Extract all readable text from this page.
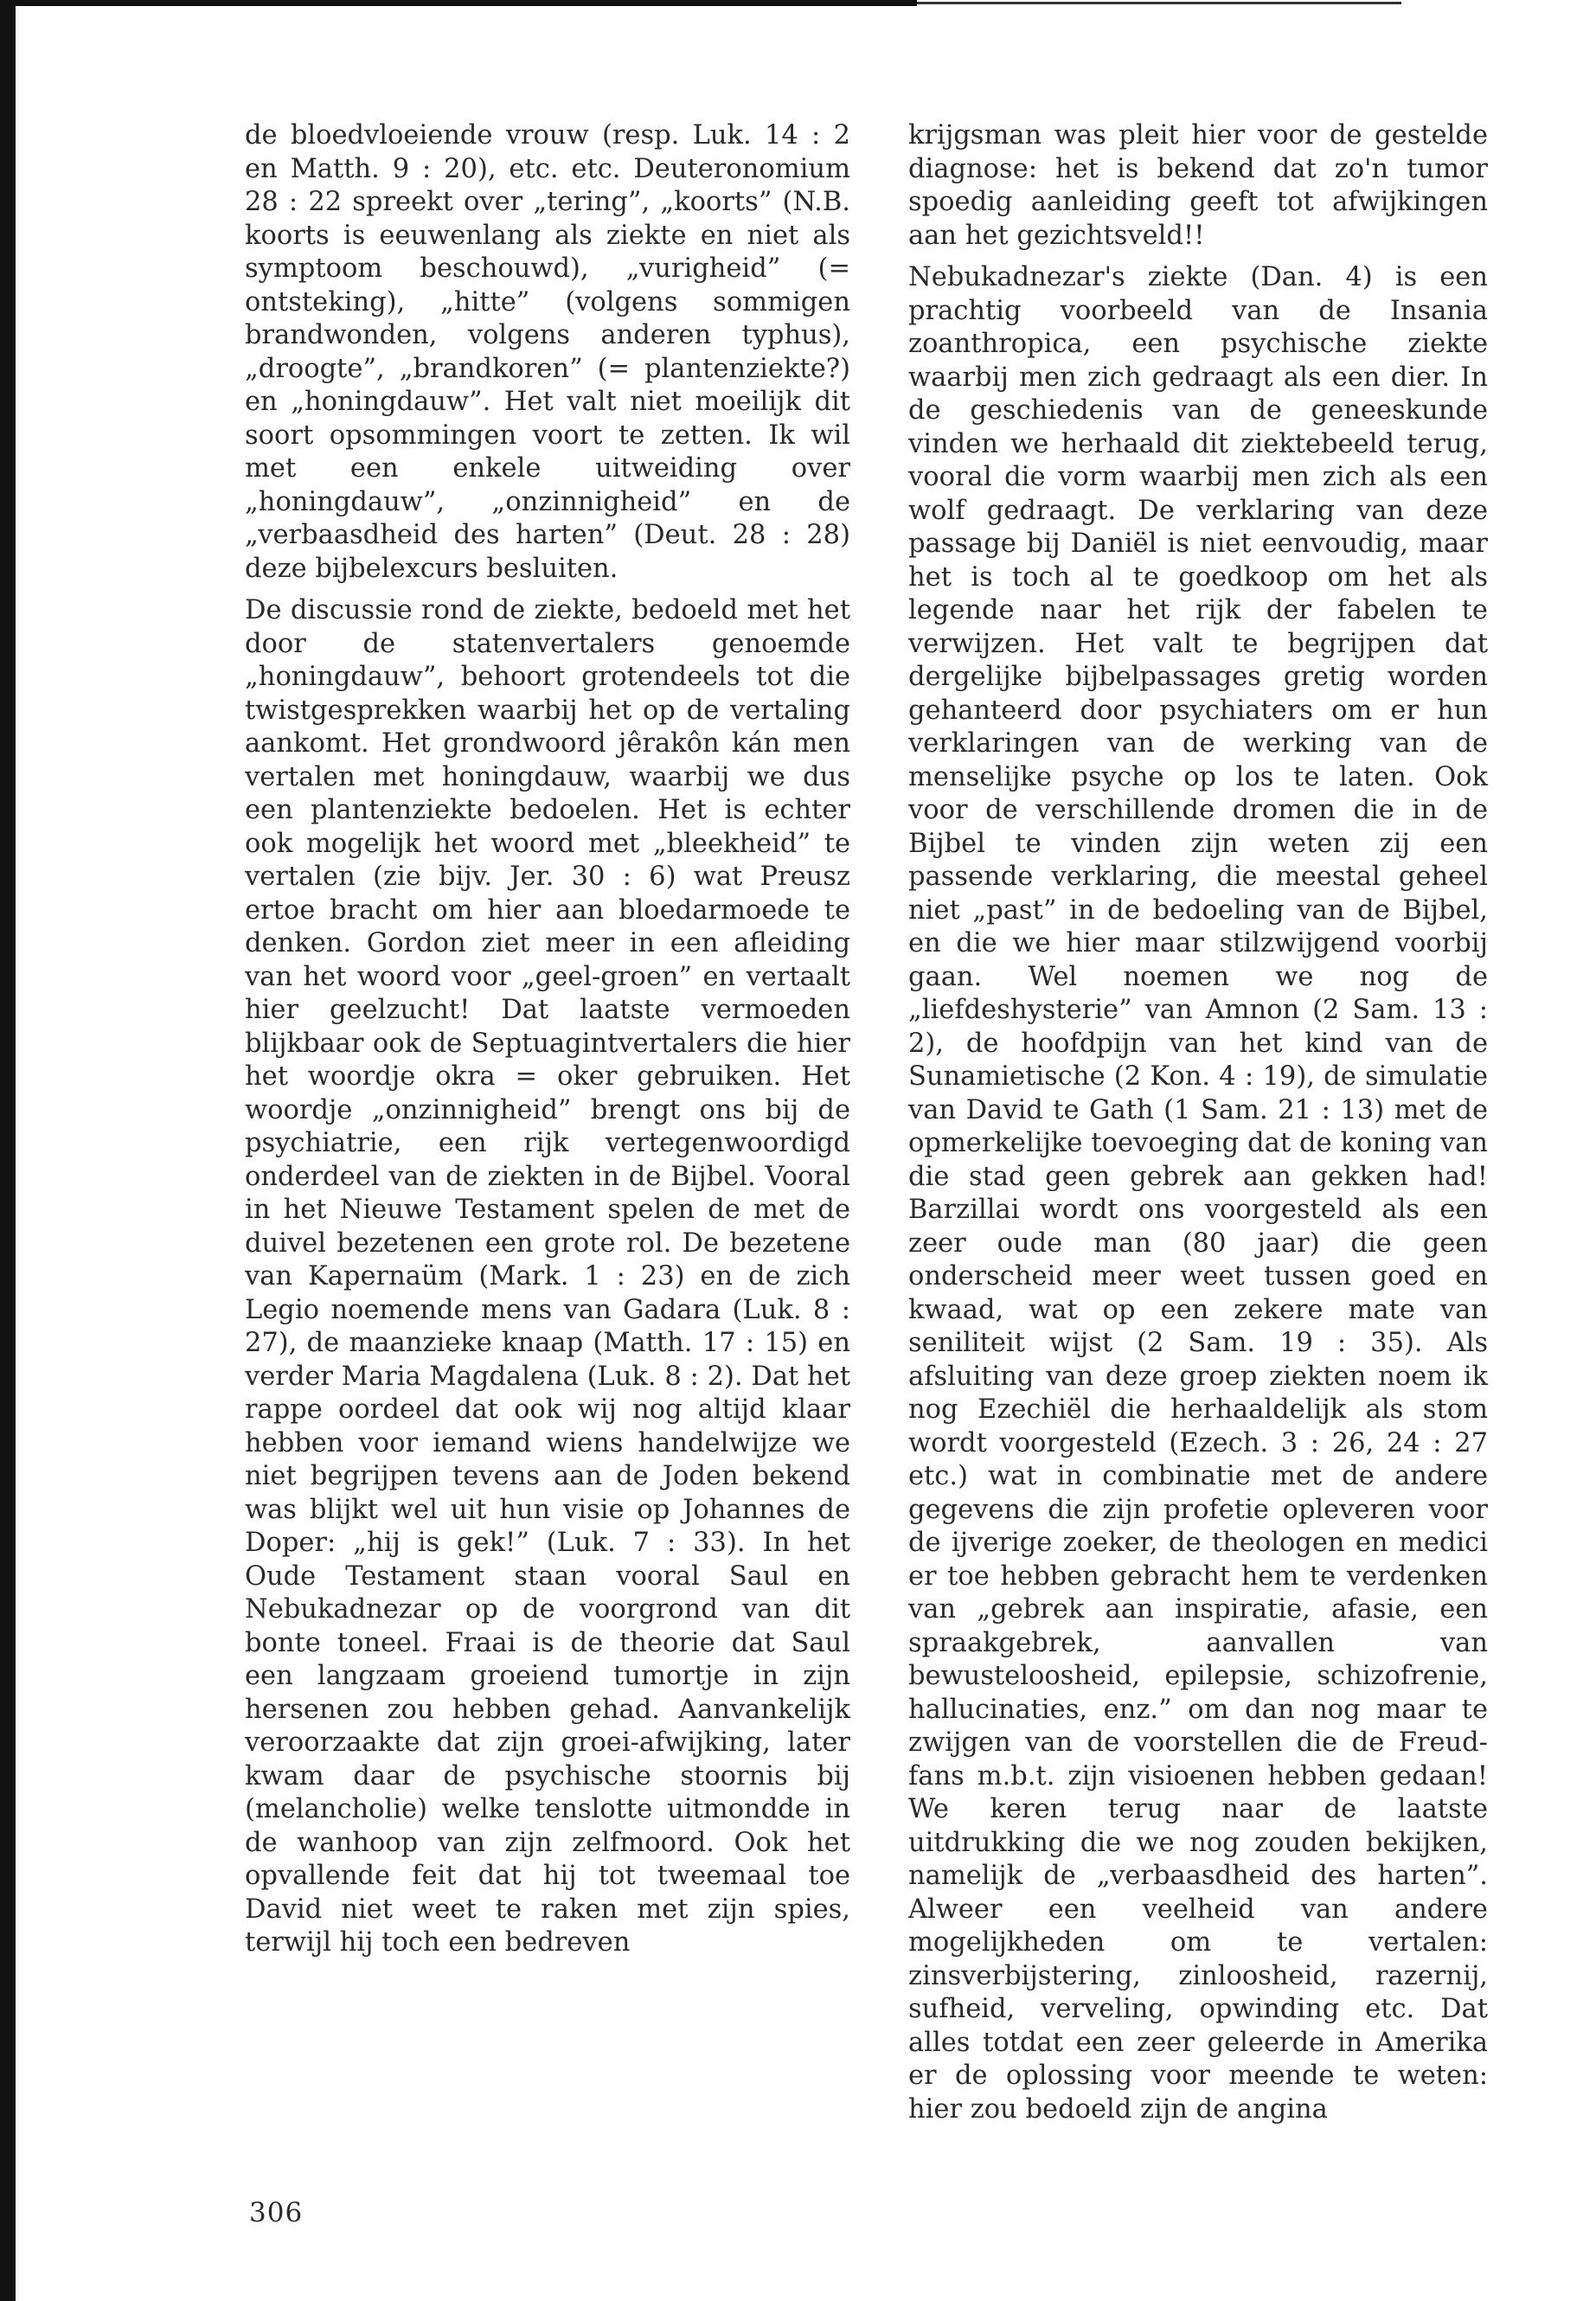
de bloedvloeiende vrouw (resp. Luk. 14 : 2 en Matth. 9 : 20), etc. etc. Deuteronomium 28 : 22 spreekt over „tering”, „koorts” (N.B. koorts is eeuwenlang als ziekte en niet als symptoom beschouwd), „vurigheid” (= ontsteking), „hitte” (volgens sommigen brandwonden, volgens anderen typhus), „droogte”, „brandkoren” (= plantenziekte?) en „honingdauw”. Het valt niet moeilijk dit soort opsommingen voort te zetten. Ik wil met een enkele uitweiding over „honingdauw”, „onzinnigheid” en de „verbaasdheid des harten” (Deut. 28 : 28) deze bijbelexcurs besluiten.

De discussie rond de ziekte, bedoeld met het door de statenvertalers genoemde „honingdauw”, behoort grotendeels tot die twistgesprekken waarbij het op de vertaling aankomt. Het grondwoord jêrakôn kán men vertalen met honingdauw, waarbij we dus een plantenziekte bedoelen. Het is echter ook mogelijk het woord met „bleekheid” te vertalen (zie bijv. Jer. 30 : 6) wat Preusz ertoe bracht om hier aan bloedarmoede te denken. Gordon ziet meer in een afleiding van het woord voor „geel-groen” en vertaalt hier geelzucht! Dat laatste vermoeden blijkbaar ook de Septuagintvertalers die hier het woordje okra = oker gebruiken. Het woordje „onzinnigheid” brengt ons bij de psychiatrie, een rijk vertegenwoordigd onderdeel van de ziekten in de Bijbel. Vooral in het Nieuwe Testament spelen de met de duivel bezetenen een grote rol. De bezetene van Kapernaüm (Mark. 1 : 23) en de zich Legio noemende mens van Gadara (Luk. 8 : 27), de maanzieke knaap (Matth. 17 : 15) en verder Maria Magdalena (Luk. 8 : 2). Dat het rappe oordeel dat ook wij nog altijd klaar hebben voor iemand wiens handelwijze we niet begrijpen tevens aan de Joden bekend was blijkt wel uit hun visie op Johannes de Doper: „hij is gek!” (Luk. 7 : 33). In het Oude Testament staan vooral Saul en Nebukadnezar op de voorgrond van dit bonte toneel. Fraai is de theorie dat Saul een langzaam groeiend tumortje in zijn hersenen zou hebben gehad. Aanvankelijk veroorzaakte dat zijn groei-afwijking, later kwam daar de psychische stoornis bij (melancholie) welke tenslotte uitmondde in de wanhoop van zijn zelfmoord. Ook het opvallende feit dat hij tot tweemaal toe David niet weet te raken met zijn spies, terwijl hij toch een bedreven

krijgsman was pleit hier voor de gestelde diagnose: het is bekend dat zo'n tumor spoedig aanleiding geeft tot afwijkingen aan het gezichtsveld!!

Nebukadnezar's ziekte (Dan. 4) is een prachtig voorbeeld van de Insania zoanthropica, een psychische ziekte waarbij men zich gedraagt als een dier. In de geschiedenis van de geneeskunde vinden we herhaald dit ziektebeeld terug, vooral die vorm waarbij men zich als een wolf gedraagt. De verklaring van deze passage bij Daniël is niet eenvoudig, maar het is toch al te goedkoop om het als legende naar het rijk der fabelen te verwijzen. Het valt te begrijpen dat dergelijke bijbelpassages gretig worden gehanteerd door psychiaters om er hun verklaringen van de werking van de menselijke psyche op los te laten. Ook voor de verschillende dromen die in de Bijbel te vinden zijn weten zij een passende verklaring, die meestal geheel niet „past” in de bedoeling van de Bijbel, en die we hier maar stilzwijgend voorbij gaan. Wel noemen we nog de „liefdeshysterie” van Amnon (2 Sam. 13 : 2), de hoofdpijn van het kind van de Sunamietische (2 Kon. 4 : 19), de simulatie van David te Gath (1 Sam. 21 : 13) met de opmerkelijke toevoeging dat de koning van die stad geen gebrek aan gekken had! Barzillai wordt ons voorgesteld als een zeer oude man (80 jaar) die geen onderscheid meer weet tussen goed en kwaad, wat op een zekere mate van seniliteit wijst (2 Sam. 19 : 35). Als afsluiting van deze groep ziekten noem ik nog Ezechiël die herhaaldelijk als stom wordt voorgesteld (Ezech. 3 : 26, 24 : 27 etc.) wat in combinatie met de andere gegevens die zijn profetie opleveren voor de ijverige zoeker, de theologen en medici er toe hebben gebracht hem te verdenken van „gebrek aan inspiratie, afasie, een spraakgebrek, aanvallen van bewusteloosheid, epilepsie, schizofrenie, hallucinaties, enz.” om dan nog maar te zwijgen van de voorstellen die de Freud-fans m.b.t. zijn visioenen hebben gedaan! We keren terug naar de laatste uitdrukking die we nog zouden bekijken, namelijk de „verbaasdheid des harten”. Alweer een veelheid van andere mogelijkheden om te vertalen: zinsverbijstering, zinloosheid, razernij, sufheid, verveling, opwinding etc. Dat alles totdat een zeer geleerde in Amerika er de oplossing voor meende te weten: hier zou bedoeld zijn de angina

306
